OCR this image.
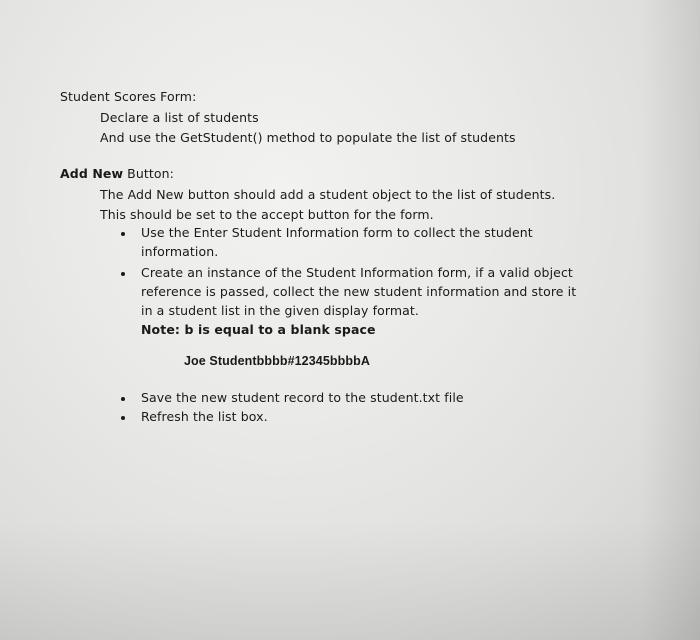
Student Scores Form:
Declare a list of students
And use the GetStudent() method to populate the list of students
Add New Button:
The Add New button should add a student object to the list of students.
This should be set to the accept button for the form.
Use the Enter Student Information form to collect the student
information.
Create an instance of the Student Information form, if a valid object
reference is passed, collect the new student information and store it
in a student list in the given display format.
Note: b is equal to a blank space
Joe Studentbbbb#12345bbbbA
Save the new student record to the student.txt file
Refresh the list box.
